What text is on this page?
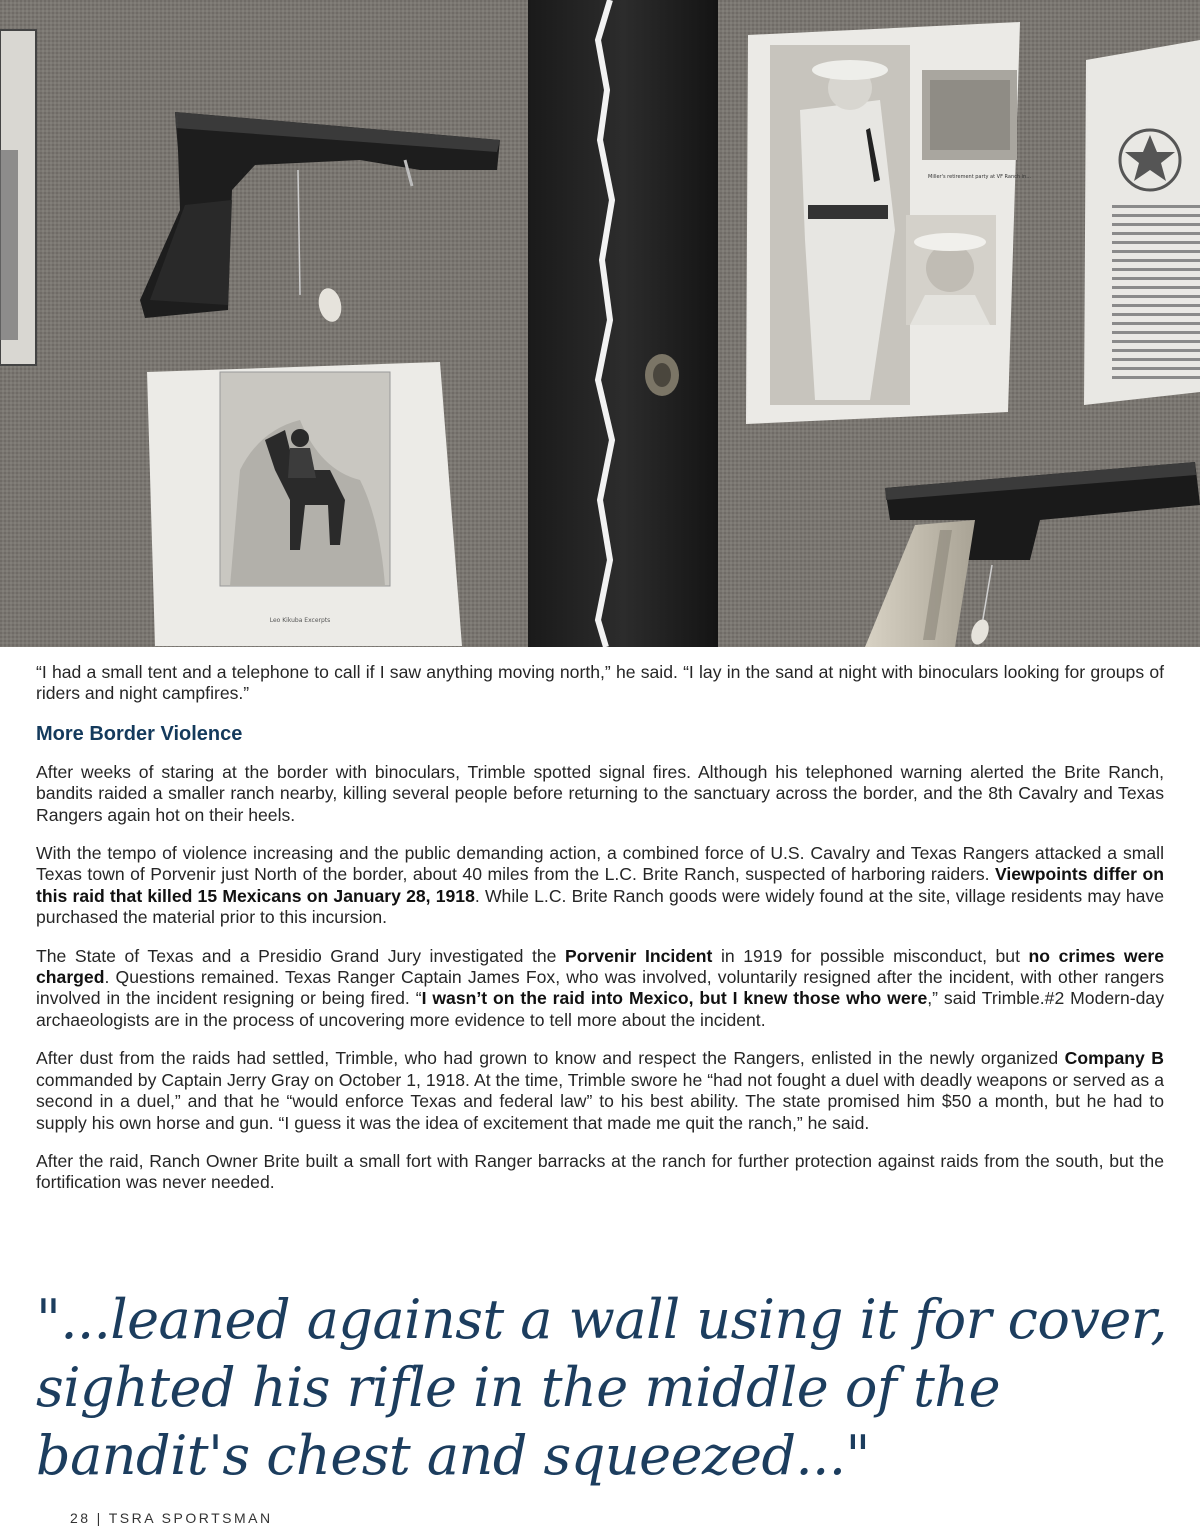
Leo Kikuba Excerpts
Miller's retirement party at VF Ranch in…
Charles Edward Miller station to Texas. His friendship Big sights while; Miller served or so before joining the Texas Rangers Captain W. W. Davis Company B, unusually with either a regular or service months he spent in the Seventh Cavalry. In 1920 Miller participated in the Texas on the Mexican border and for a time he worked for the Internal Revenue listed with Captain Frank Hamer and Miller served with the regular Ranger service, and was assign

“I had a small tent and a telephone to call if I saw anything moving north,” he said. “I lay in the sand at night with binoculars looking for groups of riders and night campfires.”

More Border Violence

After weeks of staring at the border with binoculars, Trimble spotted signal fires. Although his telephoned warning alerted the Brite Ranch, bandits raided a smaller ranch nearby, killing several people before returning to the sanctuary across the border, and the 8th Cavalry and Texas Rangers again hot on their heels.

With the tempo of violence increasing and the public demanding action, a combined force of U.S. Cavalry and Texas Rangers attacked a small Texas town of Porvenir just North of the border, about 40 miles from the L.C. Brite Ranch, suspected of harboring raiders. Viewpoints differ on this raid that killed 15 Mexicans on January 28, 1918. While L.C. Brite Ranch goods were widely found at the site, village residents may have purchased the material prior to this incursion.

The State of Texas and a Presidio Grand Jury investigated the Porvenir Incident in 1919 for possible misconduct, but no crimes were charged. Questions remained. Texas Ranger Captain James Fox, who was involved, voluntarily resigned after the incident, with other rangers involved in the incident resigning or being fired. “I wasn’t on the raid into Mexico, but I knew those who were,” said Trimble.#2 Modern-day archaeologists are in the process of uncovering more evidence to tell more about the incident.

After dust from the raids had settled, Trimble, who had grown to know and respect the Rangers, enlisted in the newly organized Company B commanded by Captain Jerry Gray on October 1, 1918. At the time, Trimble swore he “had not fought a duel with deadly weapons or served as a second in a duel,” and that he “would enforce Texas and federal law” to his best ability. The state promised him $50 a month, but he had to supply his own horse and gun. “I guess it was the idea of excitement that made me quit the ranch,” he said.

After the raid, Ranch Owner Brite built a small fort with Ranger barracks at the ranch for further protection against raids from the south, but the fortification was never needed.

"...leaned against a wall using it for cover, sighted his rifle in the middle of the bandit's chest and squeezed..."
28 | TSRA SPORTSMAN
